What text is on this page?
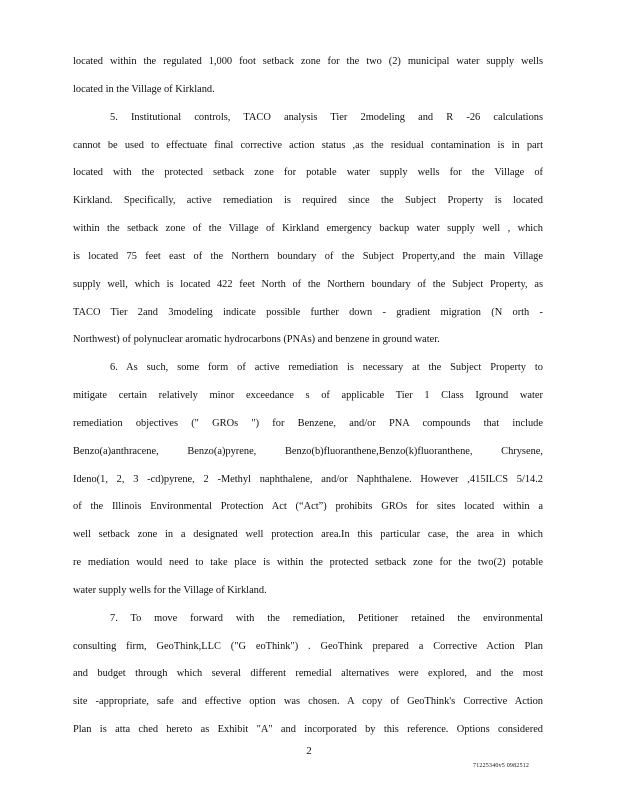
located within the regulated 1,000 foot setback zone for the two (2) municipal water supply wells
located in the Village of Kirkland.
5. Institutional controls, TACO analysis Tier 2modeling and R -26 calculations
cannot be used to effectuate final corrective action status ,as the residual contamination is in part
located with the protected setback zone for potable water supply wells for the Village of
Kirkland. Specifically, active remediation is required since the Subject Property is located
within the setback zone of the Village of Kirkland emergency backup water supply well , which
is located 75 feet east of the Northern boundary of the Subject Property,and the main Village
supply well, which is located 422 feet North of the Northern boundary of the Subject Property, as
TACO Tier 2and 3modeling indicate possible further down - gradient migration (N orth -
Northwest) of polynuclear aromatic hydrocarbons (PNAs) and benzene in ground water.
6. As such, some form of active remediation is necessary at the Subject Property to
mitigate certain relatively minor exceedance s of applicable Tier 1 Class Iground water
remediation objectives (" GROs ") for Benzene, and/or PNA compounds that include
Benzo(a)anthracene, Benzo(a)pyrene, Benzo(b)fluoranthene,Benzo(k)fluoranthene, Chrysene,
Ideno(1, 2, 3 -cd)pyrene, 2 -Methyl naphthalene, and/or Naphthalene. However ,415ILCS 5/14.2
of the Illinois Environmental Protection Act (“Act”) prohibits GROs for sites located within a
well setback zone in a designated well protection area.In this particular case, the area in which
re mediation would need to take place is within the protected setback zone for the two(2) potable
water supply wells for the Village of Kirkland.
7. To move forward with the remediation, Petitioner retained the environmental
consulting firm, GeoThink,LLC ("G eoThink") . GeoThink prepared a Corrective Action Plan
and budget through which several different remedial alternatives were explored, and the most
site -appropriate, safe and effective option was chosen. A copy of GeoThink's Corrective Action
Plan is atta ched hereto as Exhibit "A" and incorporated by this reference. Options considered
2
71225340v5 0982512
